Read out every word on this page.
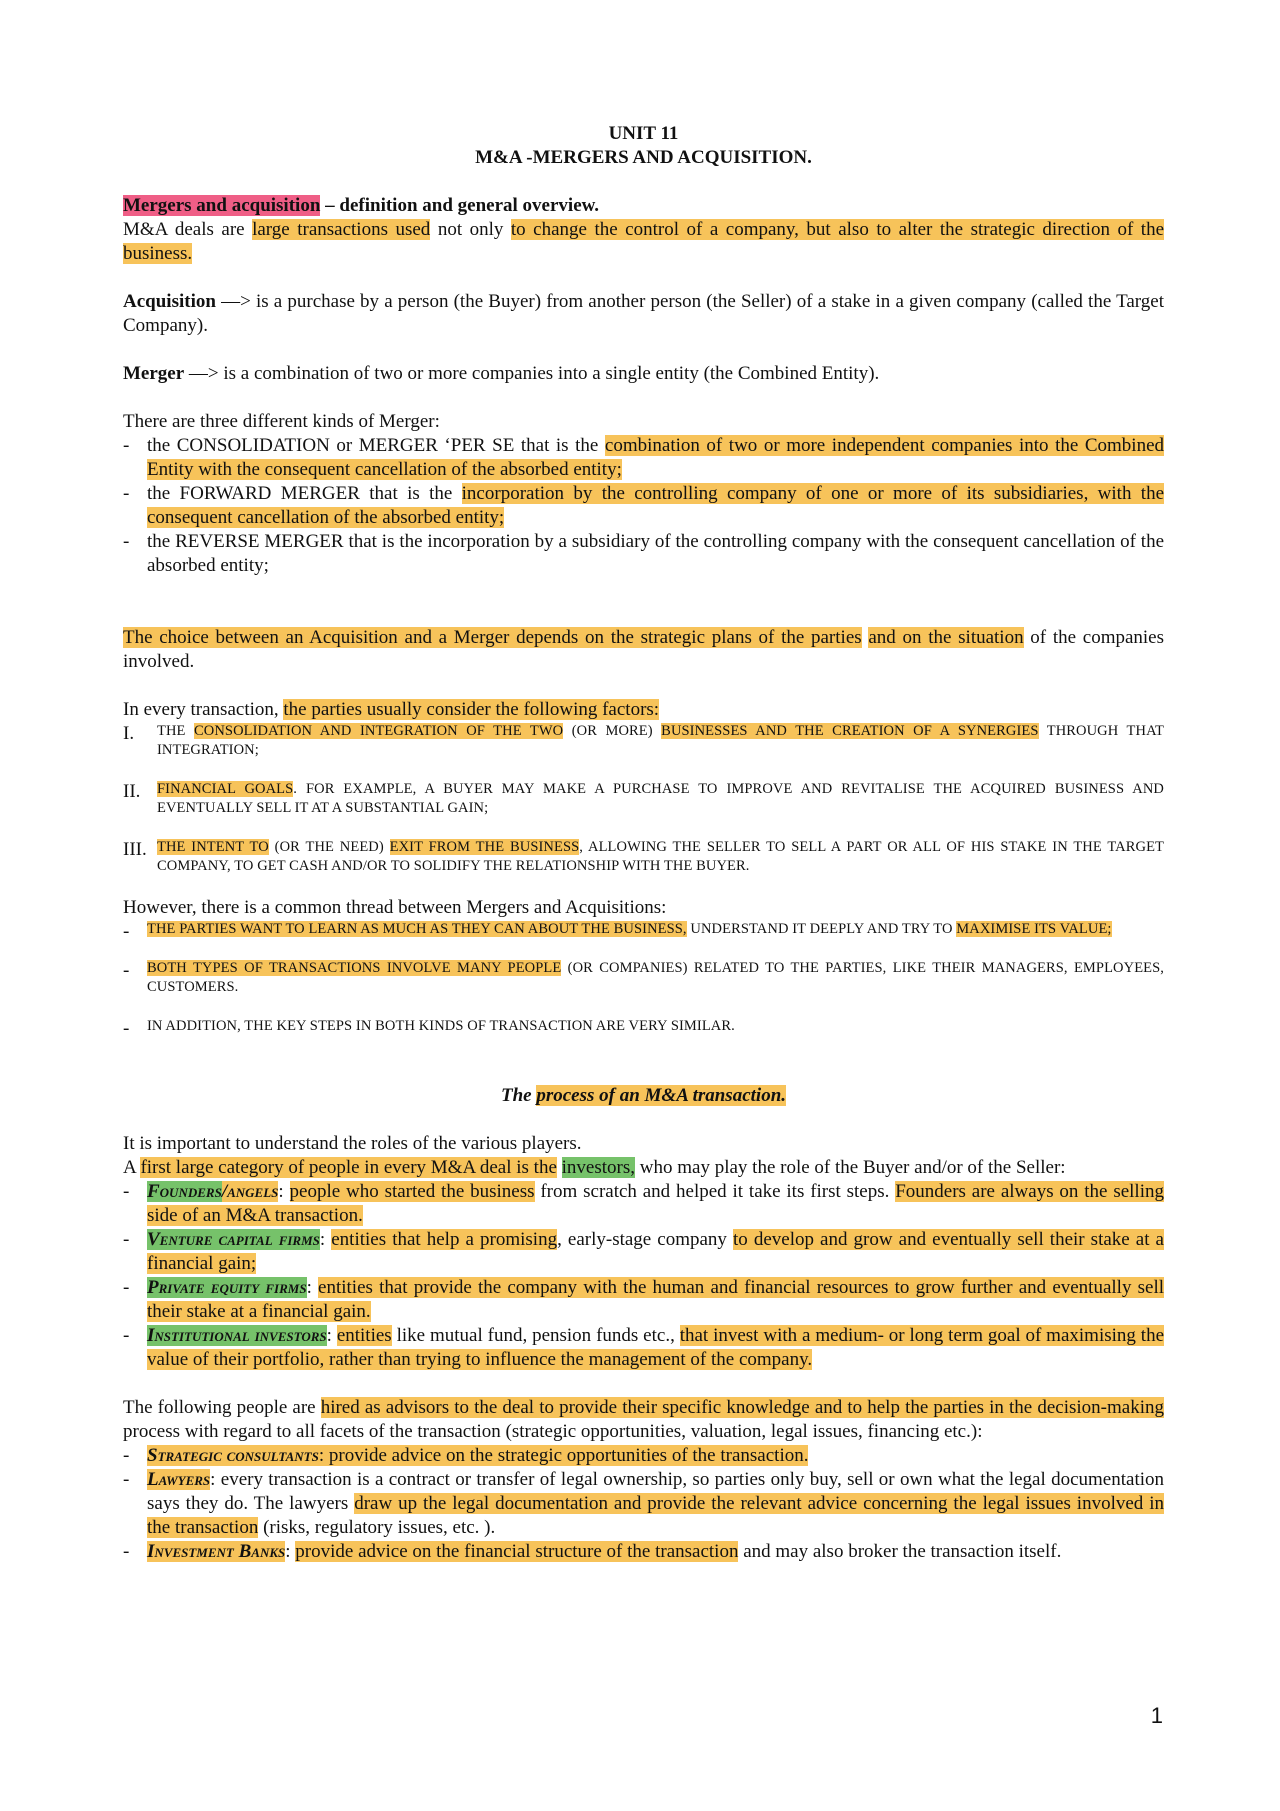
UNIT 11
M&A -MERGERS AND ACQUISITION.
Mergers and acquisition – definition and general overview.

M&A deals are large transactions used not only to change the control of a company, but also to alter the strategic direction of the business.

Acquisition —> is a purchase by a person (the Buyer) from another person (the Seller) of a stake in a given company (called the Target Company).

Merger —> is a combination of two or more companies into a single entity (the Combined Entity).

There are three different kinds of Merger:

- the CONSOLIDATION or MERGER ‘PER SE that is the combination of two or more independent companies into the Combined Entity with the consequent cancellation of the absorbed entity;
- the FORWARD MERGER that is the incorporation by the controlling company of one or more of its subsidiaries, with the consequent cancellation of the absorbed entity;
- the REVERSE MERGER that is the incorporation by a subsidiary of the controlling company with the consequent cancellation of the absorbed entity;

The choice between an Acquisition and a Merger depends on the strategic plans of the parties and on the situation of the companies involved.

In every transaction, the parties usually consider the following factors:

I. THE CONSOLIDATION AND INTEGRATION OF THE TWO (OR MORE) BUSINESSES AND THE CREATION OF A SYNERGIES THROUGH THAT INTEGRATION;
II. FINANCIAL GOALS. FOR EXAMPLE, A BUYER MAY MAKE A PURCHASE TO IMPROVE AND REVITALISE THE ACQUIRED BUSINESS AND EVENTUALLY SELL IT AT A SUBSTANTIAL GAIN;
III. THE INTENT TO (OR THE NEED) EXIT FROM THE BUSINESS, ALLOWING THE SELLER TO SELL A PART OR ALL OF HIS STAKE IN THE TARGET COMPANY, TO GET CASH AND/OR TO SOLIDIFY THE RELATIONSHIP WITH THE BUYER.

However, there is a common thread between Mergers and Acquisitions:

- THE PARTIES WANT TO LEARN AS MUCH AS THEY CAN ABOUT THE BUSINESS, UNDERSTAND IT DEEPLY AND TRY TO MAXIMISE ITS VALUE;
- BOTH TYPES OF TRANSACTIONS INVOLVE MANY PEOPLE (OR COMPANIES) RELATED TO THE PARTIES, LIKE THEIR MANAGERS, EMPLOYEES, CUSTOMERS.
- IN ADDITION, THE KEY STEPS IN BOTH KINDS OF TRANSACTION ARE VERY SIMILAR.
The process of an M&A transaction.

It is important to understand the roles of the various players.

A first large category of people in every M&A deal is the investors, who may play the role of the Buyer and/or of the Seller:

- Founders/angels: people who started the business from scratch and helped it take its first steps. Founders are always on the selling side of an M&A transaction.
- Venture capital firms: entities that help a promising, early-stage company to develop and grow and eventually sell their stake at a financial gain;
- Private equity firms: entities that provide the company with the human and financial resources to grow further and eventually sell their stake at a financial gain.
- Institutional investors: entities like mutual fund, pension funds etc., that invest with a medium- or long term goal of maximising the value of their portfolio, rather than trying to influence the management of the company.

The following people are hired as advisors to the deal to provide their specific knowledge and to help the parties in the decision-making process with regard to all facets of the transaction (strategic opportunities, valuation, legal issues, financing etc.):

- Strategic consultants: provide advice on the strategic opportunities of the transaction.
- Lawyers: every transaction is a contract or transfer of legal ownership, so parties only buy, sell or own what the legal documentation says they do. The lawyers draw up the legal documentation and provide the relevant advice concerning the legal issues involved in the transaction (risks, regulatory issues, etc. ).
- Investment Banks: provide advice on the financial structure of the transaction and may also broker the transaction itself.
1
